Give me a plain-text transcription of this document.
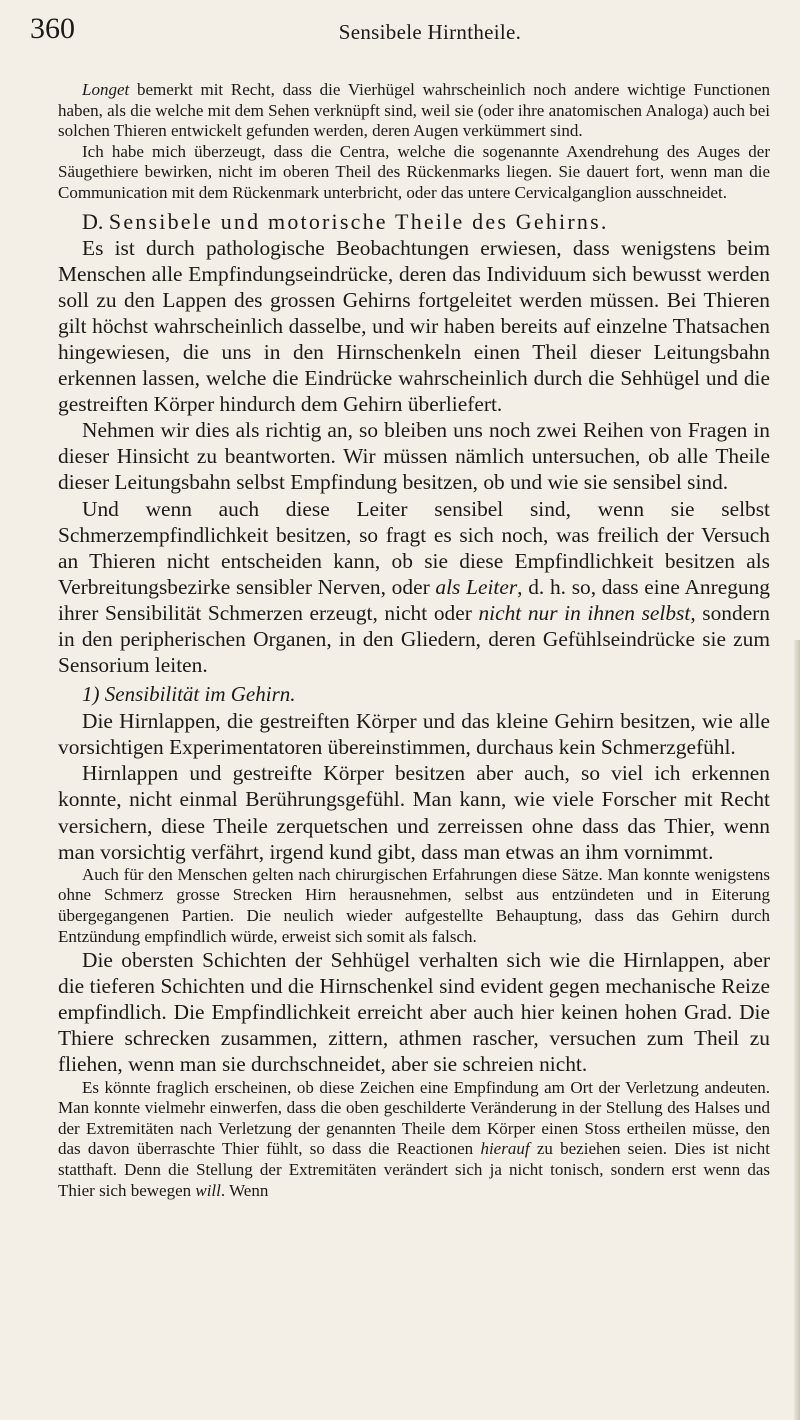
360	Sensibele Hirntheile.

Longet bemerkt mit Recht, dass die Vierhügel wahrscheinlich noch andere wichtige Functionen haben, als die welche mit dem Sehen verknüpft sind, weil sie (oder ihre anatomischen Analoga) auch bei solchen Thieren entwickelt gefunden werden, deren Augen verkümmert sind.

Ich habe mich überzeugt, dass die Centra, welche die sogenannte Axendrehung des Auges der Säugethiere bewirken, nicht im oberen Theil des Rückenmarks liegen. Sie dauert fort, wenn man die Communication mit dem Rückenmark unterbricht, oder das untere Cervicalganglion ausschneidet.

D. Sensibele und motorische Theile des Gehirns.

Es ist durch pathologische Beobachtungen erwiesen, dass wenigstens beim Menschen alle Empfindungseindrücke, deren das Individuum sich bewusst werden soll zu den Lappen des grossen Gehirns fortgeleitet werden müssen. Bei Thieren gilt höchst wahrscheinlich dasselbe, und wir haben bereits auf einzelne Thatsachen hingewiesen, die uns in den Hirnschenkeln einen Theil dieser Leitungsbahn erkennen lassen, welche die Eindrücke wahrscheinlich durch die Sehhügel und die gestreiften Körper hindurch dem Gehirn überliefert.

Nehmen wir dies als richtig an, so bleiben uns noch zwei Reihen von Fragen in dieser Hinsicht zu beantworten. Wir müssen nämlich untersuchen, ob alle Theile dieser Leitungsbahn selbst Empfindung besitzen, ob und wie sie sensibel sind.

Und wenn auch diese Leiter sensibel sind, wenn sie selbst Schmerzempfindlichkeit besitzen, so fragt es sich noch, was freilich der Versuch an Thieren nicht entscheiden kann, ob sie diese Empfindlichkeit besitzen als Verbreitungsbezirke sensibler Nerven, oder als Leiter, d. h. so, dass eine Anregung ihrer Sensibilität Schmerzen erzeugt, nicht oder nicht nur in ihnen selbst, sondern in den peripherischen Organen, in den Gliedern, deren Gefühlseindrücke sie zum Sensorium leiten.

1) Sensibilität im Gehirn.

Die Hirnlappen, die gestreiften Körper und das kleine Gehirn besitzen, wie alle vorsichtigen Experimentatoren übereinstimmen, durchaus kein Schmerzgefühl.

Hirnlappen und gestreifte Körper besitzen aber auch, so viel ich erkennen konnte, nicht einmal Berührungsgefühl. Man kann, wie viele Forscher mit Recht versichern, diese Theile zerquetschen und zerreissen ohne dass das Thier, wenn man vorsichtig verfährt, irgend kund gibt, dass man etwas an ihm vornimmt.

Auch für den Menschen gelten nach chirurgischen Erfahrungen diese Sätze. Man konnte wenigstens ohne Schmerz grosse Strecken Hirn herausnehmen, selbst aus entzündeten und in Eiterung übergegangenen Partien. Die neulich wieder aufgestellte Behauptung, dass das Gehirn durch Entzündung empfindlich würde, erweist sich somit als falsch.

Die obersten Schichten der Sehhügel verhalten sich wie die Hirnlappen, aber die tieferen Schichten und die Hirnschenkel sind evident gegen mechanische Reize empfindlich. Die Empfindlichkeit erreicht aber auch hier keinen hohen Grad. Die Thiere schrecken zusammen, zittern, athmen rascher, versuchen zum Theil zu fliehen, wenn man sie durchschneidet, aber sie schreien nicht.

Es könnte fraglich erscheinen, ob diese Zeichen eine Empfindung am Ort der Verletzung andeuten. Man konnte vielmehr einwerfen, dass die oben geschilderte Veränderung in der Stellung des Halses und der Extremitäten nach Verletzung der genannten Theile dem Körper einen Stoss ertheilen müsse, den das davon überraschte Thier fühlt, so dass die Reactionen hierauf zu beziehen seien. Dies ist nicht statthaft. Denn die Stellung der Extremitäten verändert sich ja nicht tonisch, sondern erst wenn das Thier sich bewegen will. Wenn
